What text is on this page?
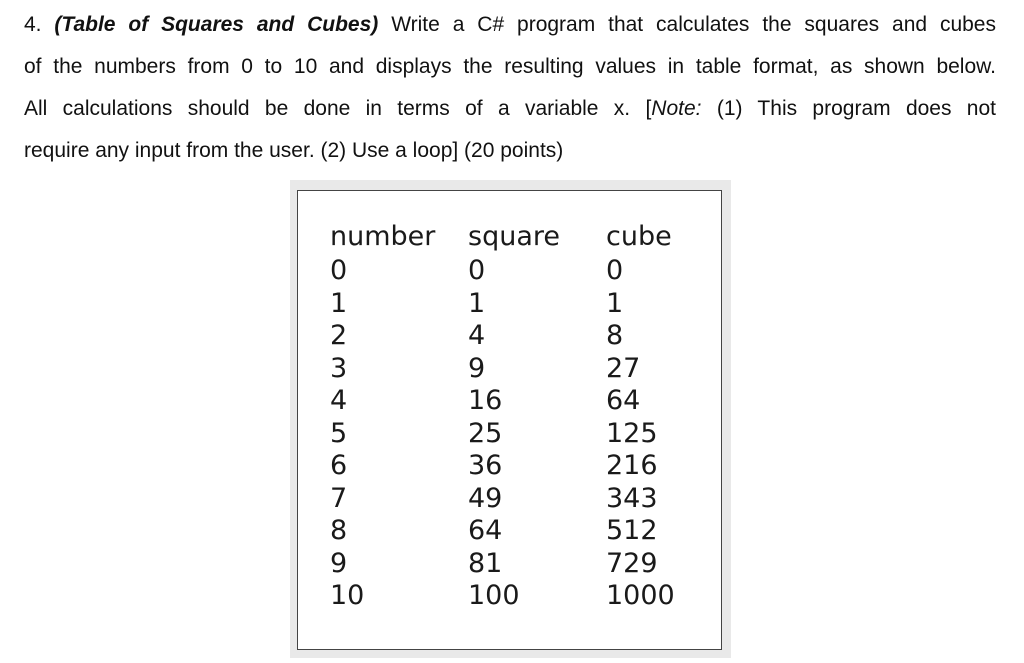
4. (Table of Squares and Cubes) Write a C# program that calculates the squares and cubes
of the numbers from 0 to 10 and displays the resulting values in table format, as shown below.
All calculations should be done in terms of a variable x. [Note: (1) This program does not
require any input from the user. (2) Use a loop] (20 points)
number	square	cube
0	0	0
1	1	1
2	4	8
3	9	27
4	16	64
5	25	125
6	36	216
7	49	343
8	64	512
9	81	729
10	100	1000
